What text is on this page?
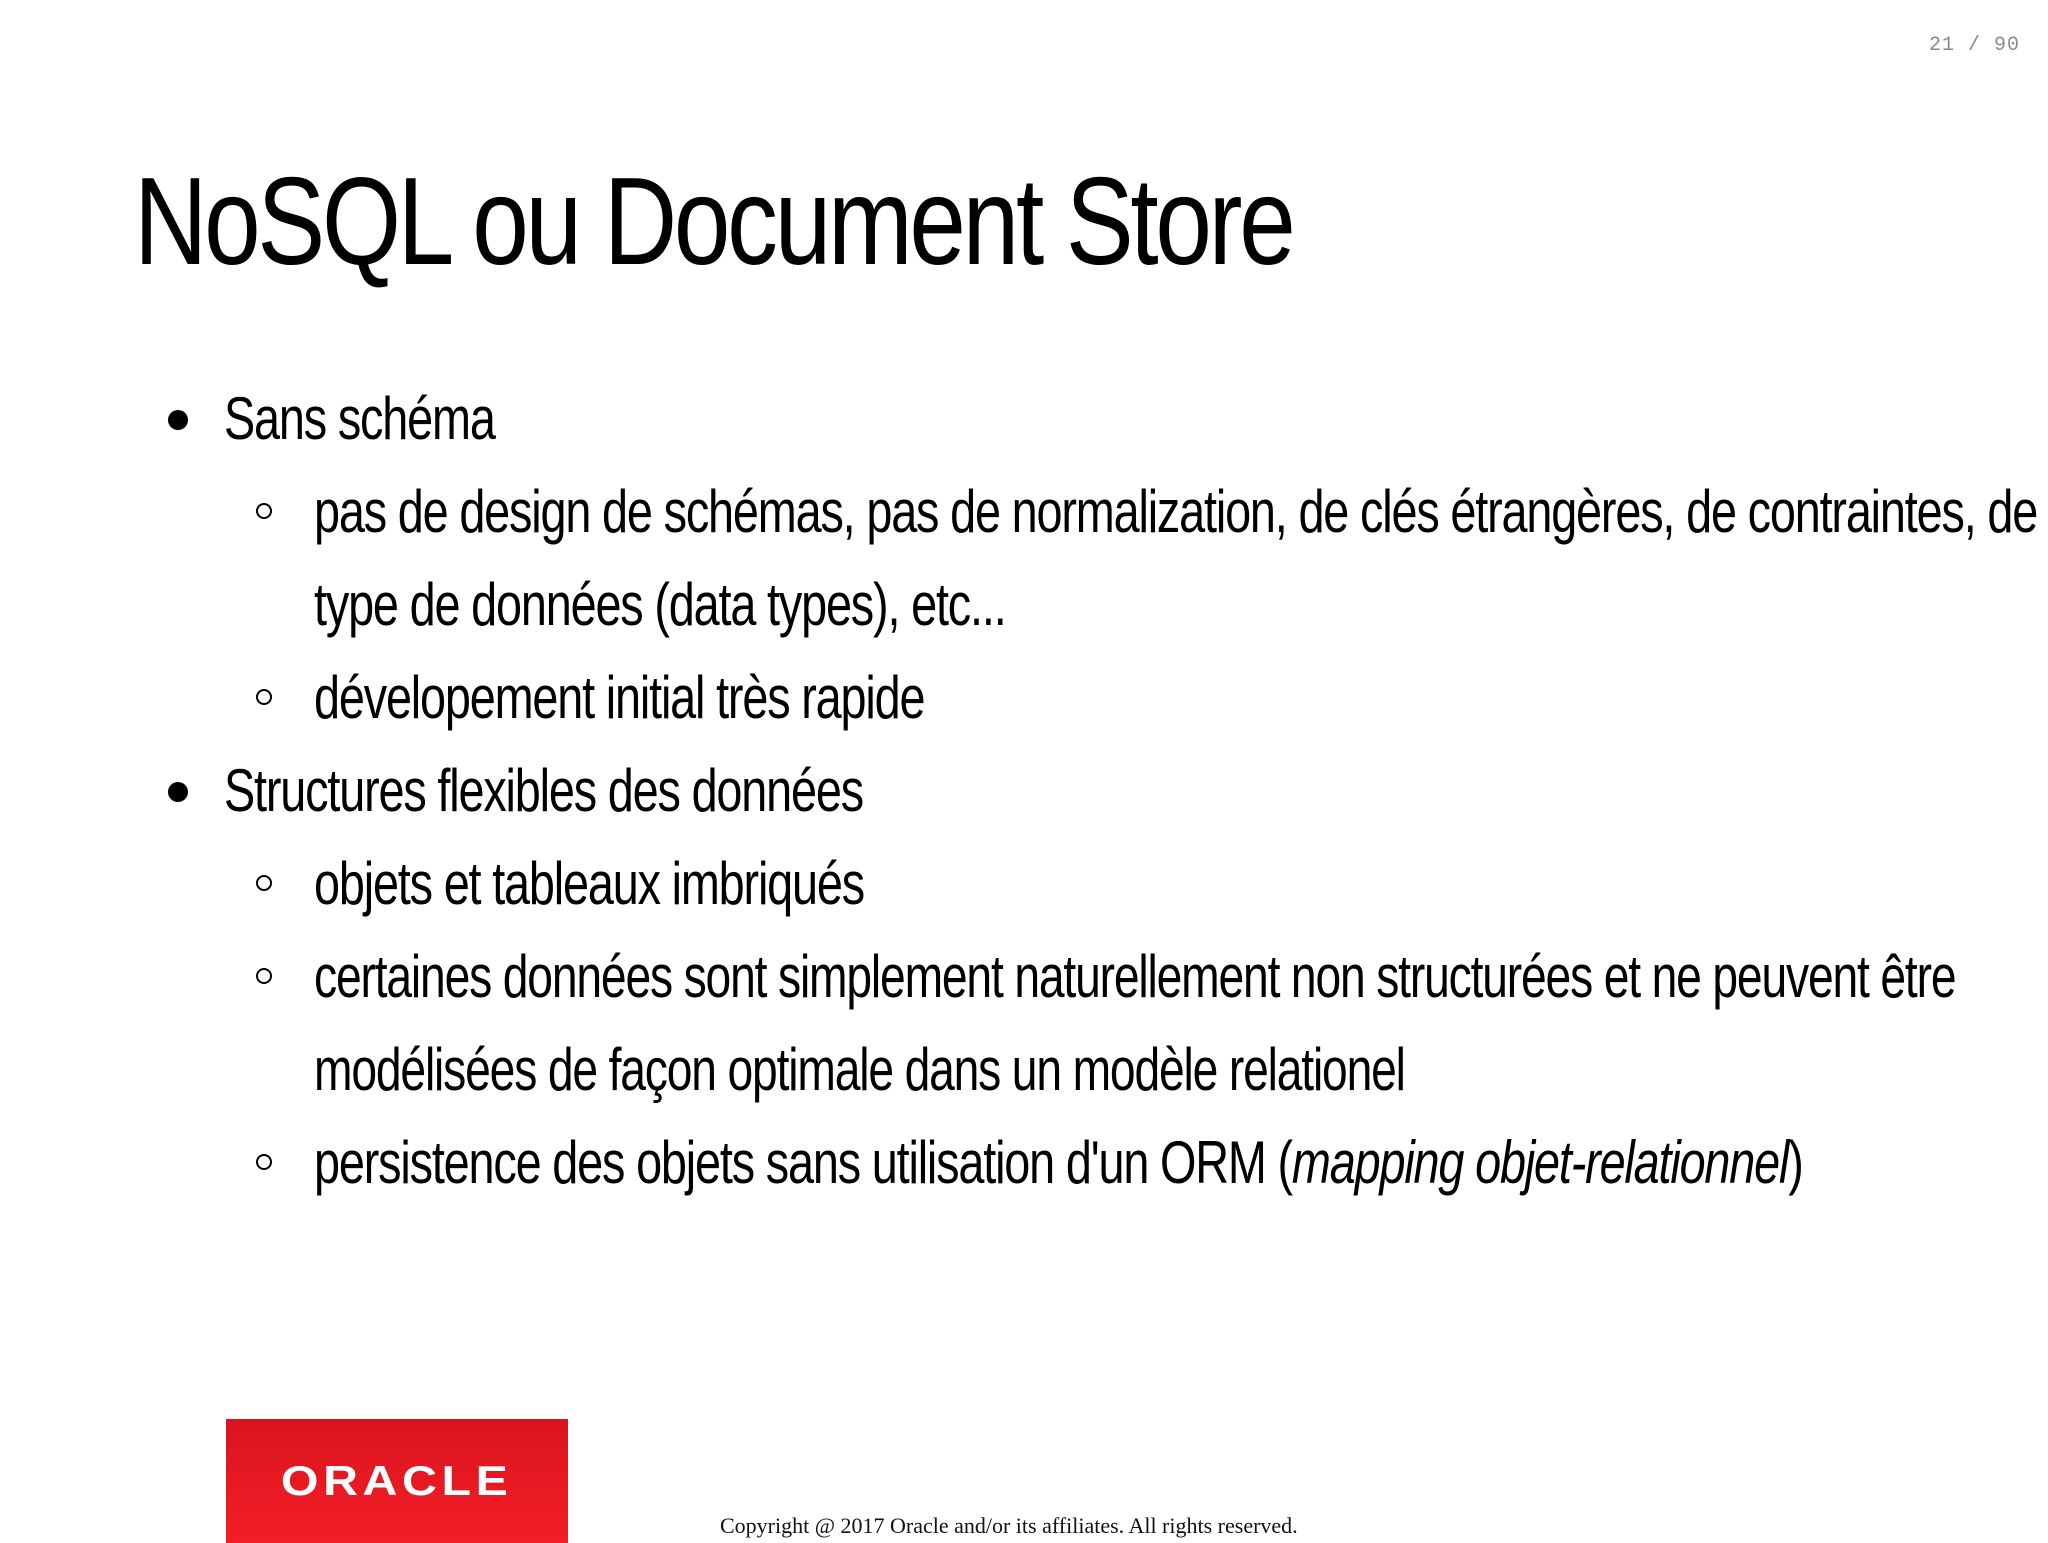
21 / 90
NoSQL ou Document Store
Sans schéma
pas de design de schémas, pas de normalization, de clés étrangères, de contraintes, de type de données (data types), etc...
dévelopement initial très rapide
Structures flexibles des données
objets et tableaux imbriqués
certaines données sont simplement naturellement non structurées et ne peuvent être modélisées de façon optimale dans un modèle relationel
persistence des objets sans utilisation d'un ORM (mapping objet-relationnel)
ORACLE
Copyright @ 2017 Oracle and/or its affiliates. All rights reserved.
